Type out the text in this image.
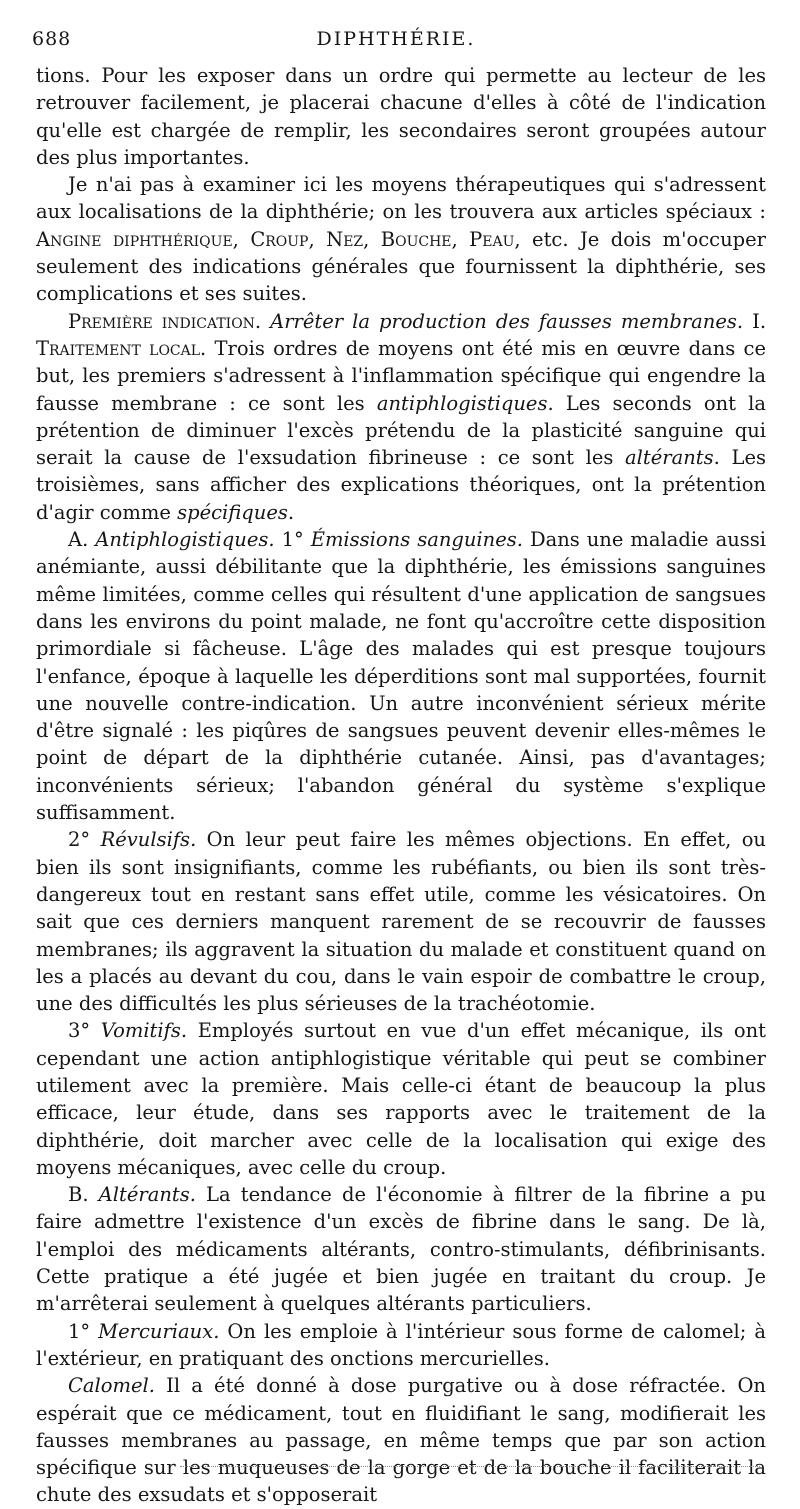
688	DIPHTHÉRIE.

tions. Pour les exposer dans un ordre qui permette au lecteur de les retrouver facilement, je placerai chacune d'elles à côté de l'indication qu'elle est chargée de remplir, les secondaires seront groupées autour des plus importantes.

Je n'ai pas à examiner ici les moyens thérapeutiques qui s'adressent aux localisations de la diphthérie; on les trouvera aux articles spéciaux : Angine diphthérique, Croup, Nez, Bouche, Peau, etc. Je dois m'occuper seulement des indications générales que fournissent la diphthérie, ses complications et ses suites.

Première indication. Arrêter la production des fausses membranes. I. Traitement local. Trois ordres de moyens ont été mis en œuvre dans ce but, les premiers s'adressent à l'inflammation spécifique qui engendre la fausse membrane : ce sont les antiphlogistiques. Les seconds ont la prétention de diminuer l'excès prétendu de la plasticité sanguine qui serait la cause de l'exsudation fibrineuse : ce sont les altérants. Les troisièmes, sans afficher des explications théoriques, ont la prétention d'agir comme spécifiques.

A. Antiphlogistiques. 1° Émissions sanguines. Dans une maladie aussi anémiante, aussi débilitante que la diphthérie, les émissions sanguines même limitées, comme celles qui résultent d'une application de sangsues dans les environs du point malade, ne font qu'accroître cette disposition primordiale si fâcheuse. L'âge des malades qui est presque toujours l'enfance, époque à laquelle les déperditions sont mal supportées, fournit une nouvelle contre-indication. Un autre inconvénient sérieux mérite d'être signalé : les piqûres de sangsues peuvent devenir elles-mêmes le point de départ de la diphthérie cutanée. Ainsi, pas d'avantages; inconvénients sérieux; l'abandon général du système s'explique suffisamment.

2° Révulsifs. On leur peut faire les mêmes objections. En effet, ou bien ils sont insignifiants, comme les rubéfiants, ou bien ils sont très-dangereux tout en restant sans effet utile, comme les vésicatoires. On sait que ces derniers manquent rarement de se recouvrir de fausses membranes; ils aggravent la situation du malade et constituent quand on les a placés au devant du cou, dans le vain espoir de combattre le croup, une des difficultés les plus sérieuses de la trachéotomie.

3° Vomitifs. Employés surtout en vue d'un effet mécanique, ils ont cependant une action antiphlogistique véritable qui peut se combiner utilement avec la première. Mais celle-ci étant de beaucoup la plus efficace, leur étude, dans ses rapports avec le traitement de la diphthérie, doit marcher avec celle de la localisation qui exige des moyens mécaniques, avec celle du croup.

B. Altérants. La tendance de l'économie à filtrer de la fibrine a pu faire admettre l'existence d'un excès de fibrine dans le sang. De là, l'emploi des médicaments altérants, contro-stimulants, défibrinisants. Cette pratique a été jugée et bien jugée en traitant du croup. Je m'arrêterai seulement à quelques altérants particuliers.

1° Mercuriaux. On les emploie à l'intérieur sous forme de calomel; à l'extérieur, en pratiquant des onctions mercurielles.

Calomel. Il a été donné à dose purgative ou à dose réfractée. On espérait que ce médicament, tout en fluidifiant le sang, modifierait les fausses membranes au passage, en même temps que par son action spécifique sur les muqueuses de la gorge et de la bouche il faciliterait la chute des exsudats et s'opposerait
